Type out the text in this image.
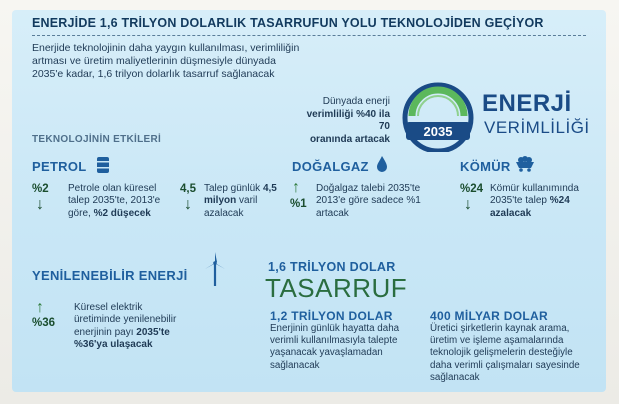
ENERJİDE 1,6 TRİLYON DOLARLIK TASARRUFUN YOLU TEKNOLOJİDEN GEÇİYOR
Enerjide teknolojinin daha yaygın kullanılması, verimliliğin artması ve üretim maliyetlerinin düşmesiyle dünyada 2035'e kadar, 1,6 trilyon dolarlık tasarruf sağlanacak
Dünyada enerji
verimliliği %40 ila 70
oranında artacak	2035
ENERJİ
VERİMLİLİĞİ
TEKNOLOJİNİN ETKİLERİ
PETROL
%2
↓
Petrole olan küresel talep 2035'te, 2013'e göre, %2 düşecek
4,5
↓
Talep günlük 4,5 milyon varil azalacak
DOĞALGAZ
↑
%1
Doğalgaz talebi 2035'te 2013'e göre sadece %1 artacak
KÖMÜR
%24
↓
Kömür kullanımında 2035'te talep %24 azalacak
YENİLENEBİLİR ENERJİ
↑
%36
Küresel elektrik üretiminde yenilenebilir enerjinin payı 2035'te %36'ya ulaşacak
1,6 TRİLYON DOLAR
TASARRUF
1,2 TRİLYON DOLAR
Enerjinin günlük hayatta daha verimli kullanılmasıyla talepte yaşanacak yavaşlamadan sağlanacak
400 MİLYAR DOLAR
Üretici şirketlerin kaynak arama, üretim ve işleme aşamalarında teknolojik gelişmelerin desteğiyle daha verimli çalışmaları sayesinde sağlanacak
